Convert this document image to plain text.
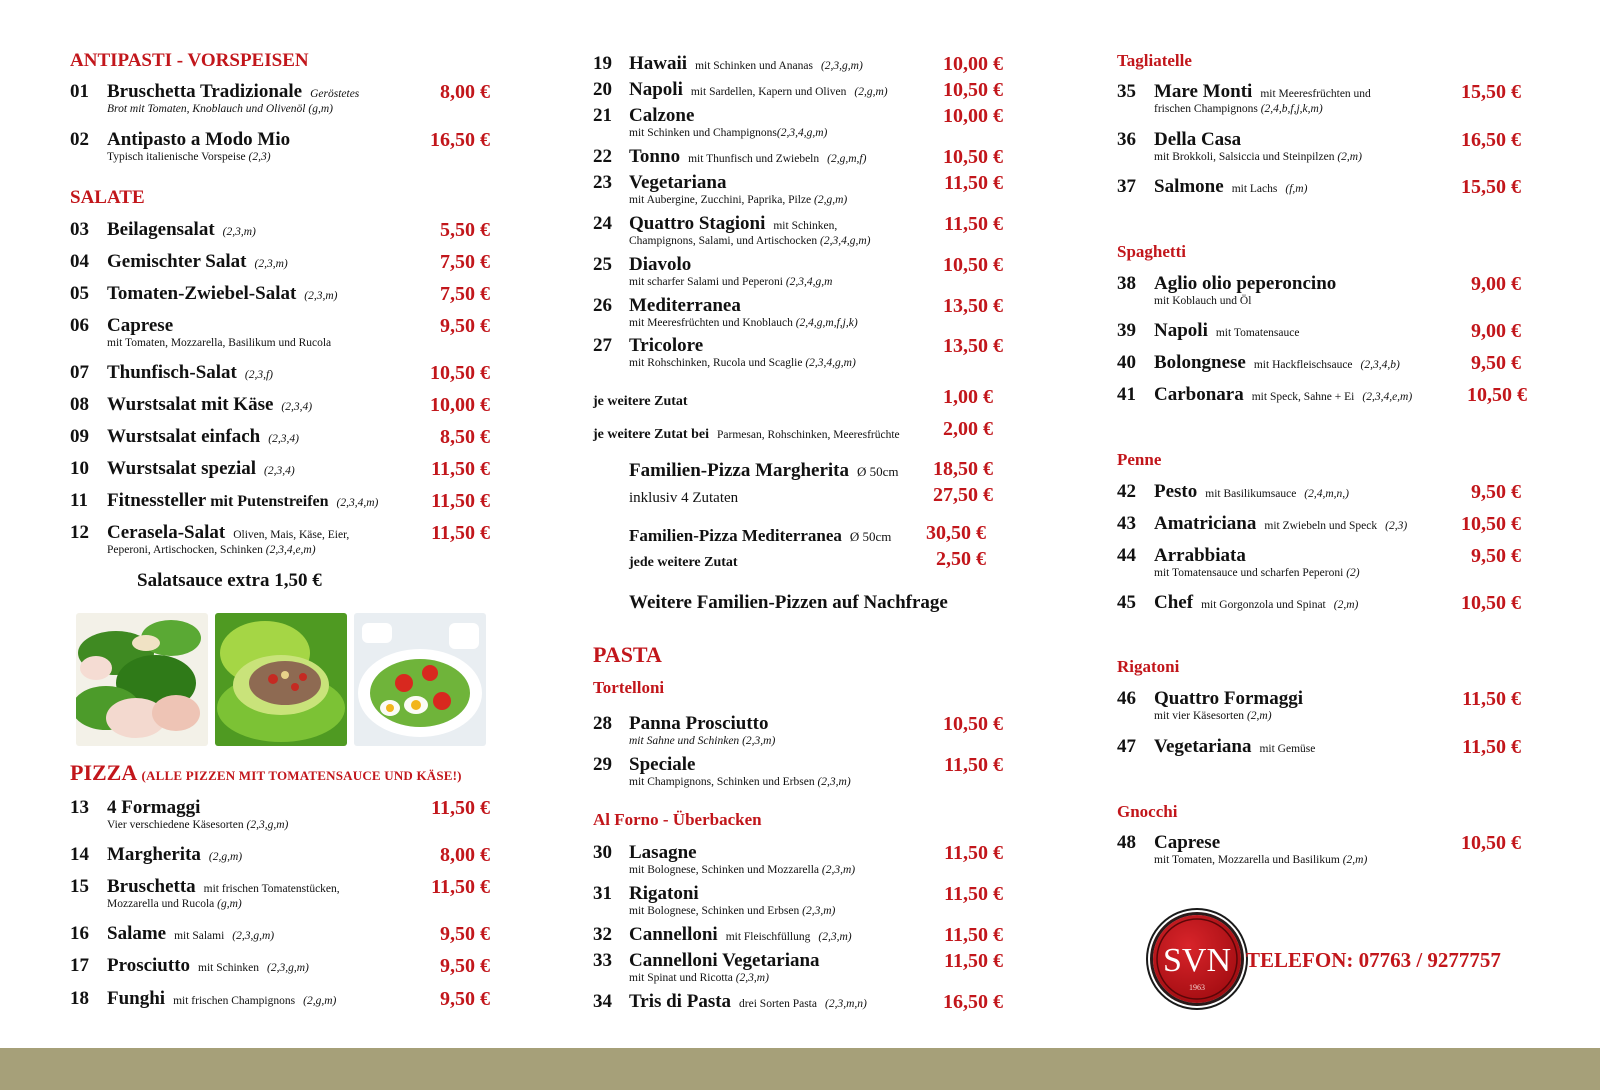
ANTIPASTI - VORSPEISEN
01 Bruschetta Tradizionale Geröstetes
Brot mit Tomaten, Knoblauch und Olivenöl (g,m)
8,00 €
02 Antipasto a Modo Mio
Typisch italienische Vorspeise (2,3)
16,50 €
SALATE
03 Beilagensalat (2,3,m)	5,50 €
04 Gemischter Salat (2,3,m)	7,50 €
05 Tomaten-Zwiebel-Salat (2,3,m)	7,50 €
06 Caprese
mit Tomaten, Mozzarella, Basilikum und Rucola
9,50 €
07 Thunfisch-Salat (2,3,f)	10,50 €
08 Wurstsalat mit Käse (2,3,4)	10,00 €
09 Wurstsalat einfach (2,3,4)	8,50 €
10 Wurstsalat spezial (2,3,4)	11,50 €
11 Fitnessteller mit Putenstreifen (2,3,4,m)	11,50 €
12 Cerasela-Salat Oliven, Mais, Käse, Eier,
Peperoni, Artischocken, Schinken (2,3,4,e,m)
11,50 €
Salatsauce extra 1,50 €
PIZZA (ALLE PIZZEN MIT TOMATENSAUCE UND KÄSE!)
13 4 Formaggi
Vier verschiedene Käsesorten (2,3,g,m)
11,50 €
14 Margherita (2,g,m)	8,00 €
15 Bruschetta mit frischen Tomatenstücken,
Mozzarella und Rucola (g,m)
11,50 €
16 Salame mit Salami (2,3,g,m)	9,50 €
17 Prosciutto mit Schinken (2,3,g,m)	9,50 €
18 Funghi mit frischen Champignons (2,g,m)	9,50 €
19 Hawaii mit Schinken und Ananas (2,3,g,m)	10,00 €
20 Napoli mit Sardellen, Kapern und Oliven (2,g,m)	10,50 €
21 Calzone
mit Schinken und Champignons(2,3,4,g,m)
10,00 €
22 Tonno mit Thunfisch und Zwiebeln (2,g,m,f)	10,50 €
23 Vegetariana
mit Aubergine, Zucchini, Paprika, Pilze (2,g,m)
11,50 €
24 Quattro Stagioni mit Schinken,
Champignons, Salami, und Artischocken (2,3,4,g,m)
11,50 €
25 Diavolo
mit scharfer Salami und Peperoni (2,3,4,g,m
10,50 €
26 Mediterranea
mit Meeresfrüchten und Knoblauch (2,4,g,m,f,j,k)
13,50 €
27 Tricolore
mit Rohschinken, Rucola und Scaglie (2,3,4,g,m)
13,50 €
je weitere Zutat	1,00 €
je weitere Zutat bei Parmesan, Rohschinken, Meeresfrüchte 2,00 €
Familien-Pizza Margherita Ø 50cm 18,50 €
inklusiv 4 Zutaten	27,50 €
Familien-Pizza Mediterranea Ø 50cm 30,50 €
jede weitere Zutat	2,50 €
Weitere Familien-Pizzen auf Nachfrage
PASTA
Tortelloni
28 Panna Prosciutto
mit Sahne und Schinken (2,3,m)
10,50 €
29 Speciale
mit Champignons, Schinken und Erbsen (2,3,m)
11,50 €
Al Forno - Überbacken
30 Lasagne
mit Bolognese, Schinken und Mozzarella (2,3,m)
11,50 €
31 Rigatoni
mit Bolognese, Schinken und Erbsen (2,3,m)
11,50 €
32 Cannelloni mit Fleischfüllung (2,3,m)	11,50 €
33 Cannelloni Vegetariana
mit Spinat und Ricotta (2,3,m)
11,50 €
34 Tris di Pasta drei Sorten Pasta (2,3,m,n)	16,50 €
Tagliatelle
35 Mare Monti mit Meeresfrüchten und
frischen Champignons (2,4,b,f,j,k,m)
15,50 €
36 Della Casa
mit Brokkoli, Salsiccia und Steinpilzen (2,m)
16,50 €
37 Salmone mit Lachs (f,m)	15,50 €
Spaghetti
38 Aglio olio peperoncino
mit Koblauch und Öl
9,00 €
39 Napoli mit Tomatensauce	9,00 €
40 Bolongnese mit Hackfleischsauce (2,3,4,b)	9,50 €
41 Carbonara mit Speck, Sahne + Ei (2,3,4,e,m)	10,50 €
Penne
42 Pesto mit Basilikumsauce (2,4,m,n,)	9,50 €
43 Amatriciana mit Zwiebeln und Speck (2,3)	10,50 €
44 Arrabbiata
mit Tomatensauce und scharfen Peperoni (2)
9,50 €
45 Chef mit Gorgonzola und Spinat (2,m)	10,50 €
Rigatoni
46 Quattro Formaggi
mit vier Käsesorten (2,m)
11,50 €
47 Vegetariana mit Gemüse	11,50 €
Gnocchi
48 Caprese
mit Tomaten, Mozzarella und Basilikum (2,m)
10,50 €
SVN
1963
TELEFON: 07763 / 9277757
